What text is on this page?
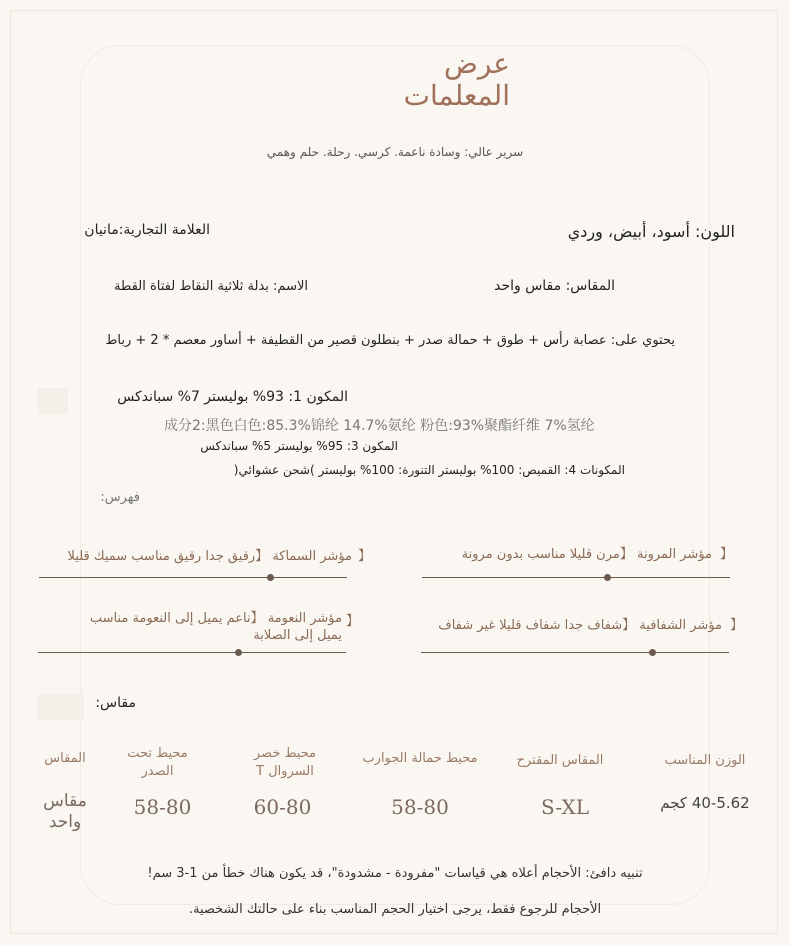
عرض
المعلمات
سرير عالي: وسادة ناعمة. كرسي. رحلة. حلم وهمي
اللون: أسود، أبيض، وردي
العلامة التجارية:مانيان
المقاس: مقاس واحد
الاسم: بدلة ثلاثية النقاط لفتاة القطة
يحتوي على: عصابة رأس + طوق + حمالة صدر + بنطلون قصير من القطيفة + أساور معصم * 2 + رباط
المكون 1: 93% بوليستر 7% سباندكس
成分2:黑色白色:85.3%锦纶 14.7%氨纶 粉色:93%聚酯纤维 7%氢纶
المكون 3: 95% بوليستر 5% سباندكس
المكونات 4: القميص: 100% بوليستر التنورة: 100% بوليستر )شحن عشوائي(
فهرس:
مؤشر المرونة 【مرن قليلا مناسب بدون مرونة 】
مؤشر السماكة 【رقيق جدا رقيق مناسب سميك قليلا 】
مؤشر الشفافية 【شفاف جدا شفاف قليلا غير شفاف 】
مؤشر النعومة 【ناعم يميل إلى النعومة مناسب
يميل إلى الصلابة
】
مقاس:
الوزن المناسب
المقاس المقترح
محيط حمالة الجوارب
محيط خصر
السروال T
محيط تحت
الصدر
المقاس
40-5.62 كجم
S-XL
58-80
60-80
58-80
مقاس واحد
تنبيه دافئ: الأحجام أعلاه هي قياسات "مفرودة - مشدودة"، قد يكون هناك خطأ من 1-3 سم!
الأحجام للرجوع فقط، يرجى اختيار الحجم المناسب بناء على حالتك الشخصية.
